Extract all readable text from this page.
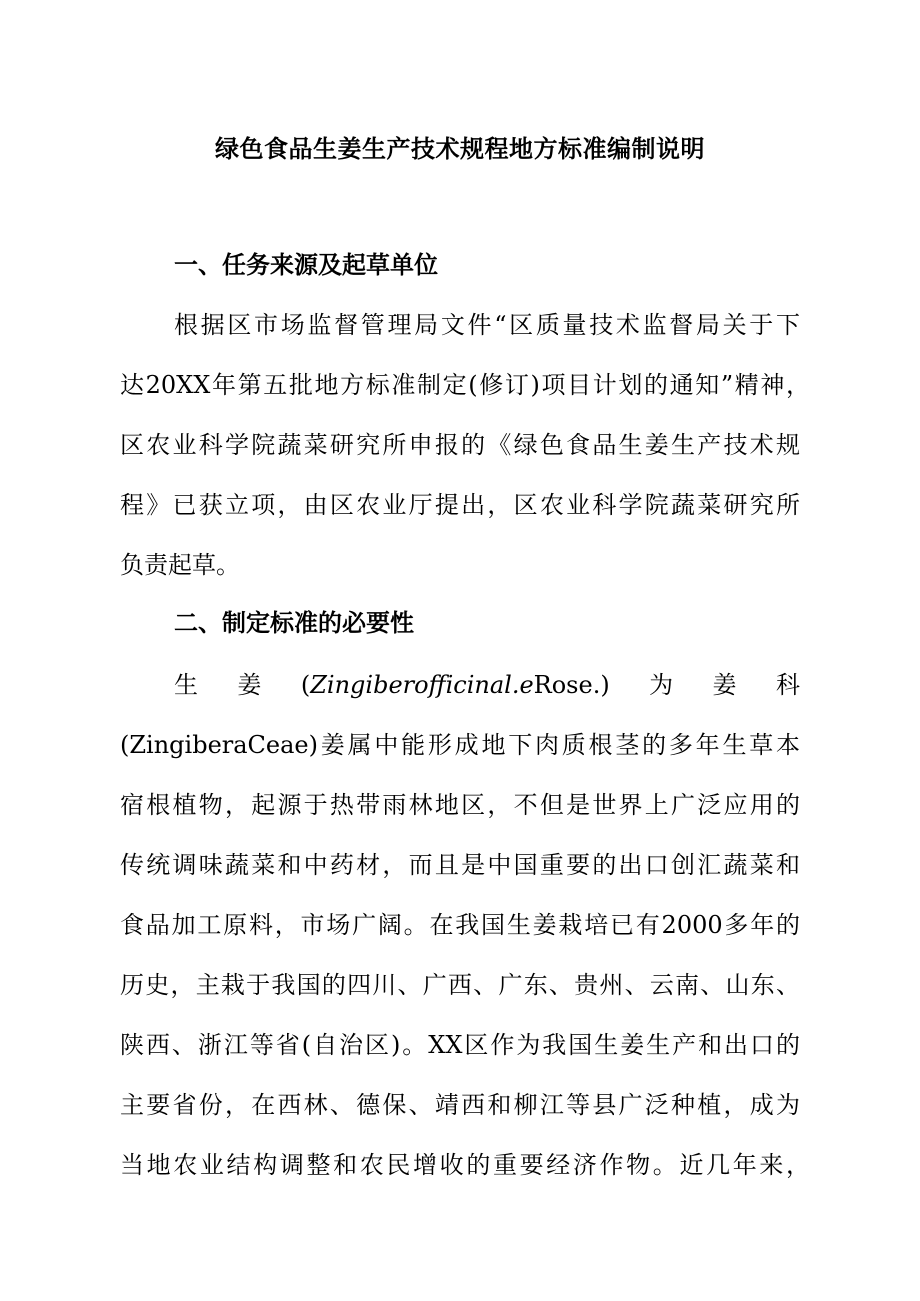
绿色食品生姜生产技术规程地方标准编制说明
一、任务来源及起草单位
根据区市场监督管理局文件“区质量技术监督局关于下
达20XX年第五批地方标准制定(修订)项目计划的通知”精神，
区农业科学院蔬菜研究所申报的《绿色食品生姜生产技术规
程》已获立项，由区农业厅提出，区农业科学院蔬菜研究所
负责起草。
二、制定标准的必要性
生姜(Zingiberofficinal.eRose.)为姜科
(ZingiberaCeae)姜属中能形成地下肉质根茎的多年生草本
宿根植物，起源于热带雨林地区，不但是世界上广泛应用的
传统调味蔬菜和中药材，而且是中国重要的出口创汇蔬菜和
食品加工原料，市场广阔。在我国生姜栽培已有2000多年的
历史，主栽于我国的四川、广西、广东、贵州、云南、山东、
陕西、浙江等省(自治区)。XX区作为我国生姜生产和出口的
主要省份，在西林、德保、靖西和柳江等县广泛种植，成为
当地农业结构调整和农民增收的重要经济作物。近几年来，
